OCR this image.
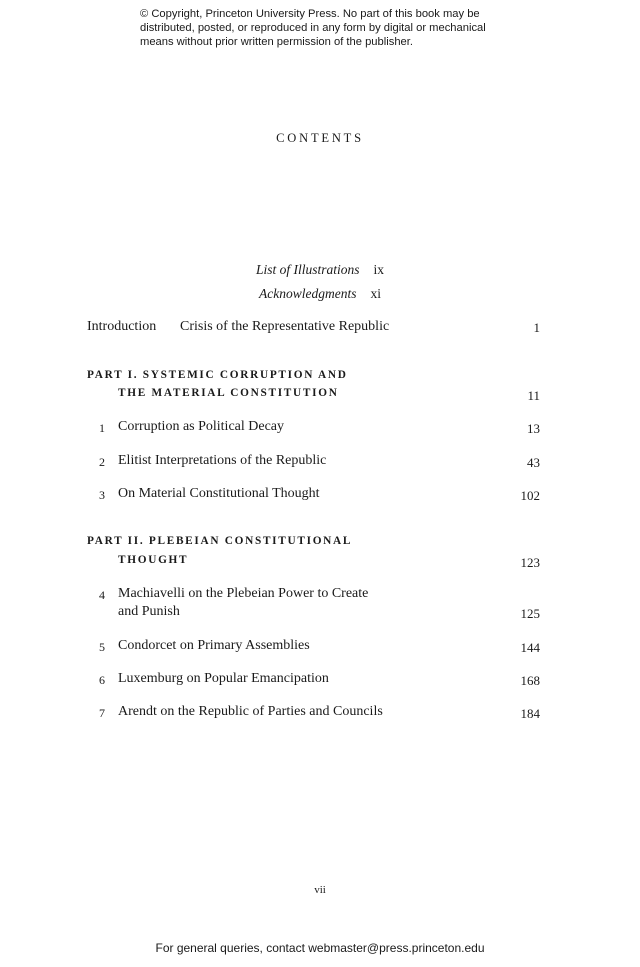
© Copyright, Princeton University Press. No part of this book may be
distributed, posted, or reproduced in any form by digital or mechanical
means without prior written permission of the publisher.
CONTENTS
List of Illustrations ix
Acknowledgments xi
Introduction Crisis of the Representative Republic	1
PART I. SYSTEMIC CORRUPTION AND
THE MATERIAL CONSTITUTION	11
1 Corruption as Political Decay	13
2 Elitist Interpretations of the Republic	43
3 On Material Constitutional Thought	102
PART II. PLEBEIAN CONSTITUTIONAL
THOUGHT	123
4 Machiavelli on the Plebeian Power to Create
and Punish	125
5 Condorcet on Primary Assemblies	144
6 Luxemburg on Popular Emancipation	168
7 Arendt on the Republic of Parties and Councils	184
vii
For general queries, contact webmaster@press.princeton.edu
